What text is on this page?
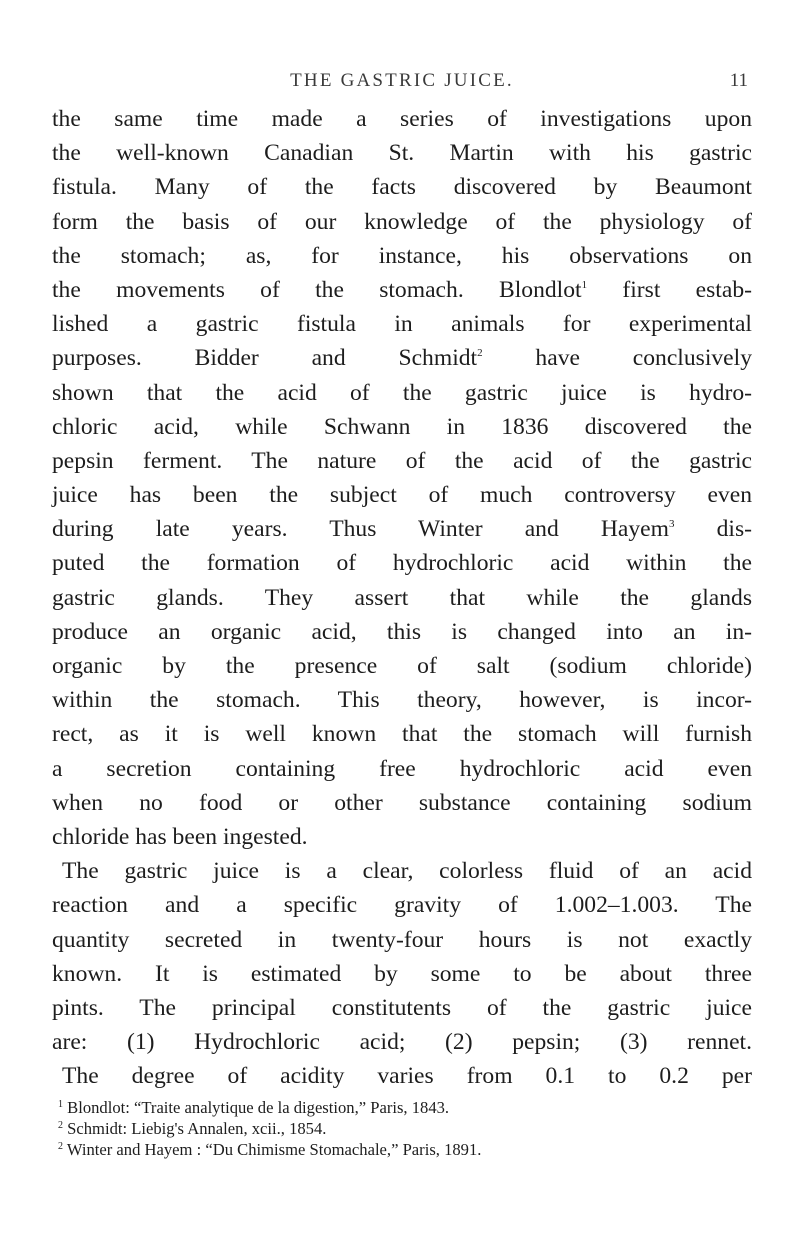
THE GASTRIC JUICE.	11
the same time made a series of investigations upon
the well-known Canadian St. Martin with his gastric
fistula. Many of the facts discovered by Beaumont
form the basis of our knowledge of the physiology of
the stomach; as, for instance, his observations on
the movements of the stomach. Blondlot$^1$ first estab-
lished a gastric fistula in animals for experimental
purposes. Bidder and Schmidt$^2$ have conclusively
shown that the acid of the gastric juice is hydro-
chloric acid, while Schwann in 1836 discovered the
pepsin ferment. The nature of the acid of the gastric
juice has been the subject of much controversy even
during late years. Thus Winter and Hayem$^3$ dis-
puted the formation of hydrochloric acid within the
gastric glands. They assert that while the glands
produce an organic acid, this is changed into an in-
organic by the presence of salt (sodium chloride)
within the stomach. This theory, however, is incor-
rect, as it is well known that the stomach will furnish
a secretion containing free hydrochloric acid even
when no food or other substance containing sodium
chloride has been ingested.
The gastric juice is a clear, colorless fluid of an acid
reaction and a specific gravity of 1.002–1.003. The
quantity secreted in twenty-four hours is not exactly
known. It is estimated by some to be about three
pints. The principal constitutents of the gastric juice
are: (1) Hydrochloric acid; (2) pepsin; (3) rennet.
The degree of acidity varies from 0.1 to 0.2 per
$^1$ Blondlot: “Traite analytique de la digestion,” Paris, 1843.
$^2$ Schmidt: Liebig's Annalen, xcii., 1854.
$^2$ Winter and Hayem : “Du Chimisme Stomachale,” Paris, 1891.
